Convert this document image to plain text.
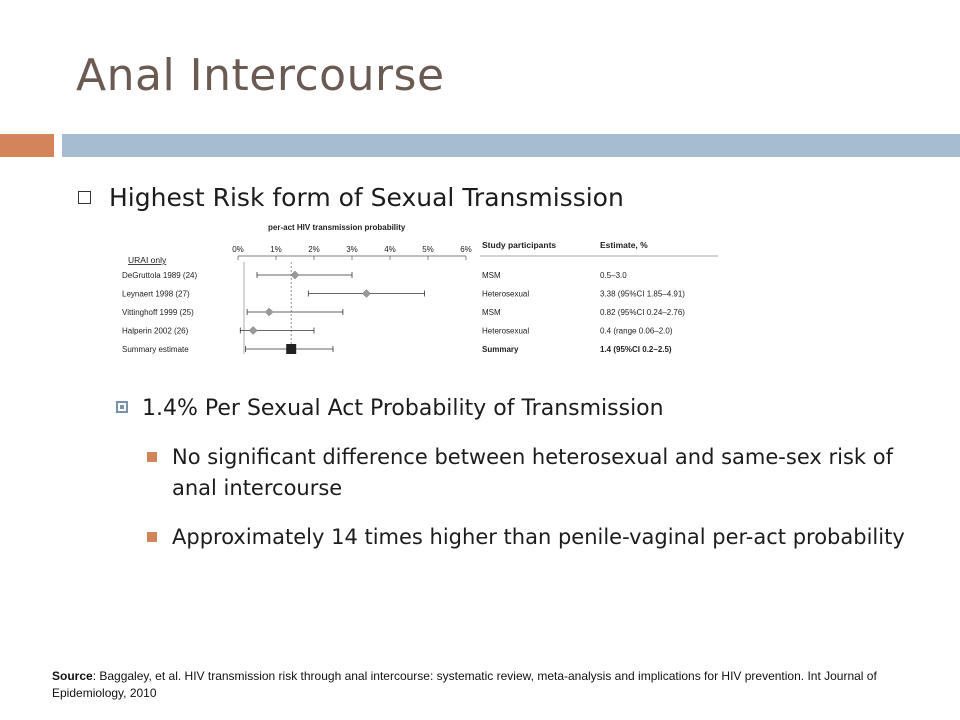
Anal Intercourse
Highest Risk form of Sexual Transmission
per-act HIV transmission probability
0%	1%	2%	3%	4%	5%	6%
URAI only
Study participants	Estimate, %
DeGruttola 1989 (24)	MSM	0.5–3.0
Leynaert 1998 (27)	Heterosexual	3.38 (95%CI 1.85–4.91)
Vittinghoff 1999 (25)	MSM	0.82 (95%CI 0.24–2.76)
Halperin 2002 (26)	Heterosexual	0.4 (range 0.06–2.0)
Summary estimate	Summary	1.4 (95%CI 0.2–2.5)
1.4% Per Sexual Act Probability of Transmission
No significant difference between heterosexual and same-sex risk of anal intercourse
Approximately 14 times higher than penile-vaginal per-act probability
Source: Baggaley, et al. HIV transmission risk through anal intercourse: systematic review, meta-analysis and implications for HIV prevention. Int Journal of Epidemiology, 2010
